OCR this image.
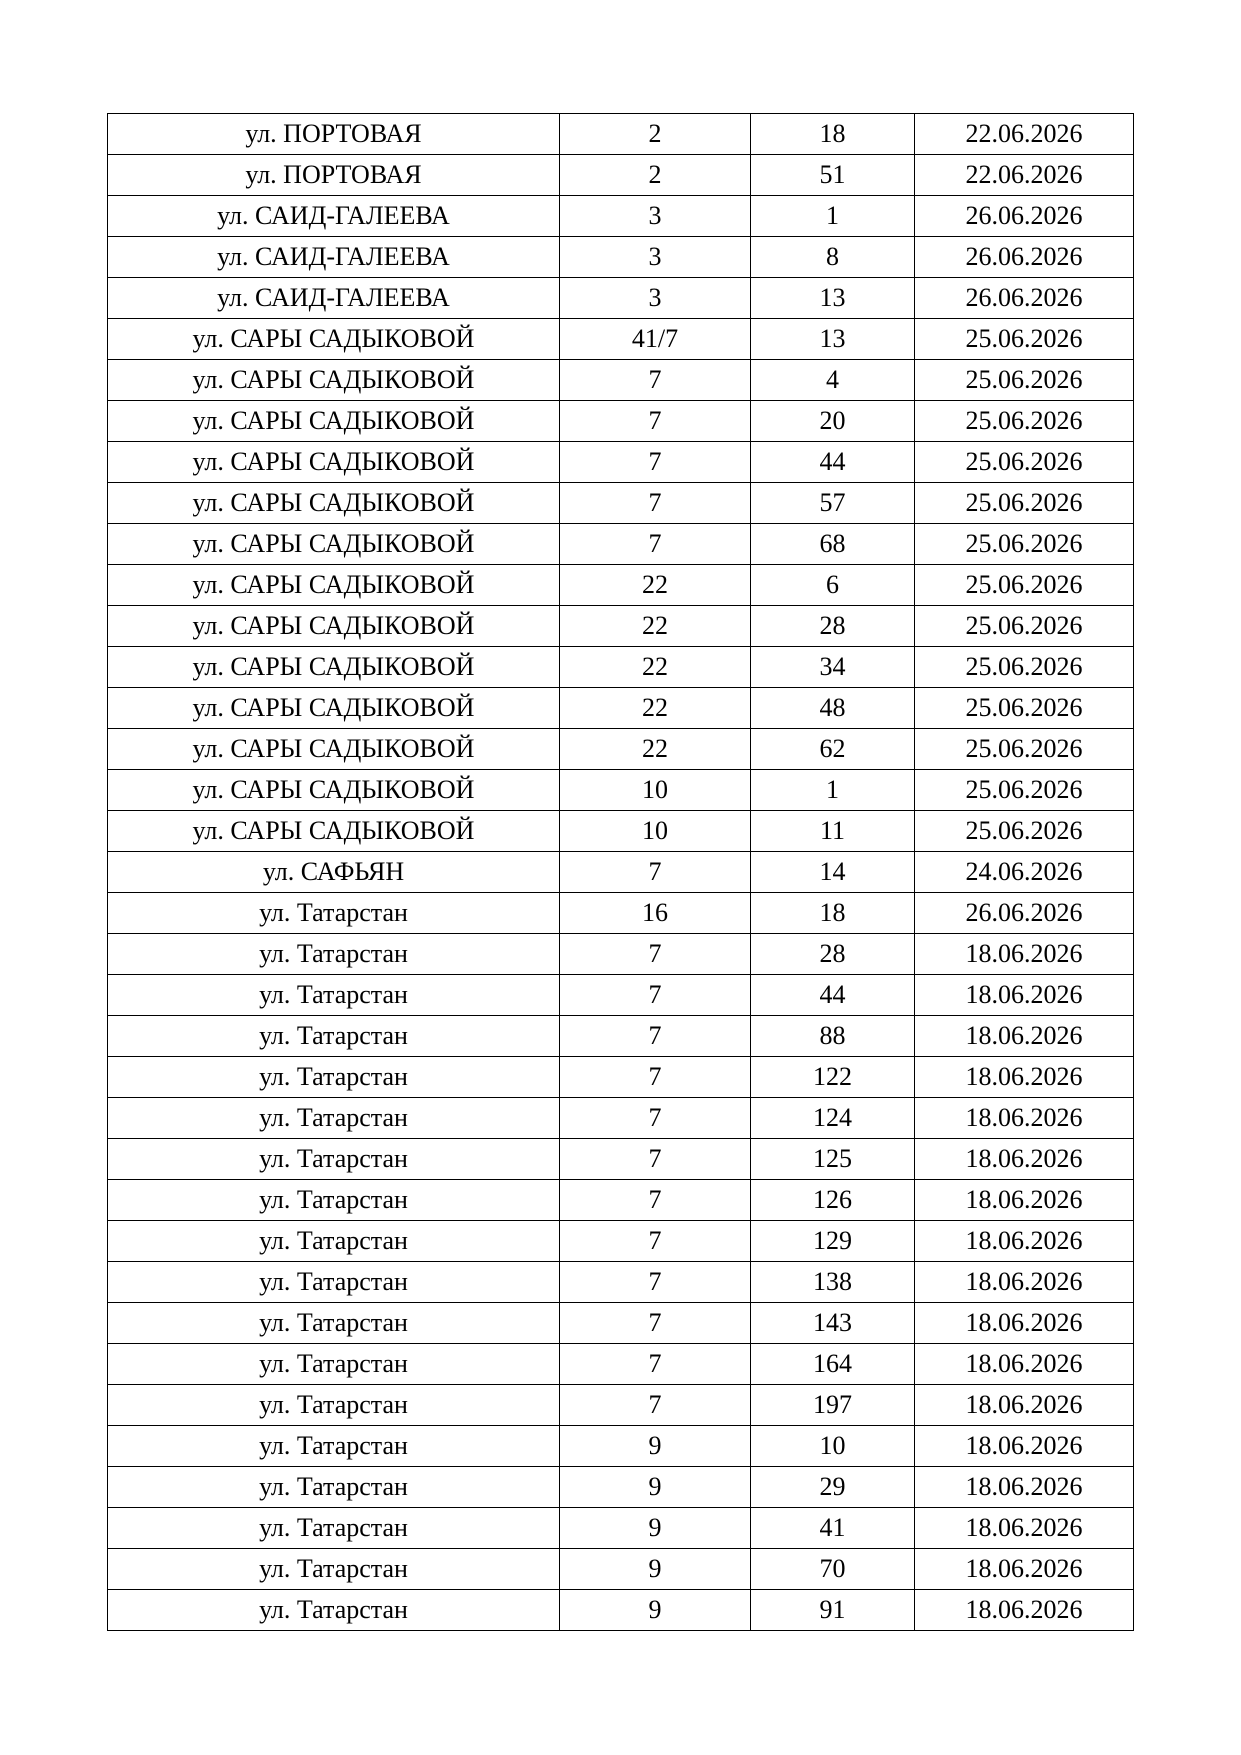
ул. ПОРТОВАЯ	2	18	22.06.2026
ул. ПОРТОВАЯ	2	51	22.06.2026
ул. САИД-ГАЛЕЕВА	3	1	26.06.2026
ул. САИД-ГАЛЕЕВА	3	8	26.06.2026
ул. САИД-ГАЛЕЕВА	3	13	26.06.2026
ул. САРЫ САДЫКОВОЙ	41/7	13	25.06.2026
ул. САРЫ САДЫКОВОЙ	7	4	25.06.2026
ул. САРЫ САДЫКОВОЙ	7	20	25.06.2026
ул. САРЫ САДЫКОВОЙ	7	44	25.06.2026
ул. САРЫ САДЫКОВОЙ	7	57	25.06.2026
ул. САРЫ САДЫКОВОЙ	7	68	25.06.2026
ул. САРЫ САДЫКОВОЙ	22	6	25.06.2026
ул. САРЫ САДЫКОВОЙ	22	28	25.06.2026
ул. САРЫ САДЫКОВОЙ	22	34	25.06.2026
ул. САРЫ САДЫКОВОЙ	22	48	25.06.2026
ул. САРЫ САДЫКОВОЙ	22	62	25.06.2026
ул. САРЫ САДЫКОВОЙ	10	1	25.06.2026
ул. САРЫ САДЫКОВОЙ	10	11	25.06.2026
ул. САФЬЯН	7	14	24.06.2026
ул. Татарстан	16	18	26.06.2026
ул. Татарстан	7	28	18.06.2026
ул. Татарстан	7	44	18.06.2026
ул. Татарстан	7	88	18.06.2026
ул. Татарстан	7	122	18.06.2026
ул. Татарстан	7	124	18.06.2026
ул. Татарстан	7	125	18.06.2026
ул. Татарстан	7	126	18.06.2026
ул. Татарстан	7	129	18.06.2026
ул. Татарстан	7	138	18.06.2026
ул. Татарстан	7	143	18.06.2026
ул. Татарстан	7	164	18.06.2026
ул. Татарстан	7	197	18.06.2026
ул. Татарстан	9	10	18.06.2026
ул. Татарстан	9	29	18.06.2026
ул. Татарстан	9	41	18.06.2026
ул. Татарстан	9	70	18.06.2026
ул. Татарстан	9	91	18.06.2026
